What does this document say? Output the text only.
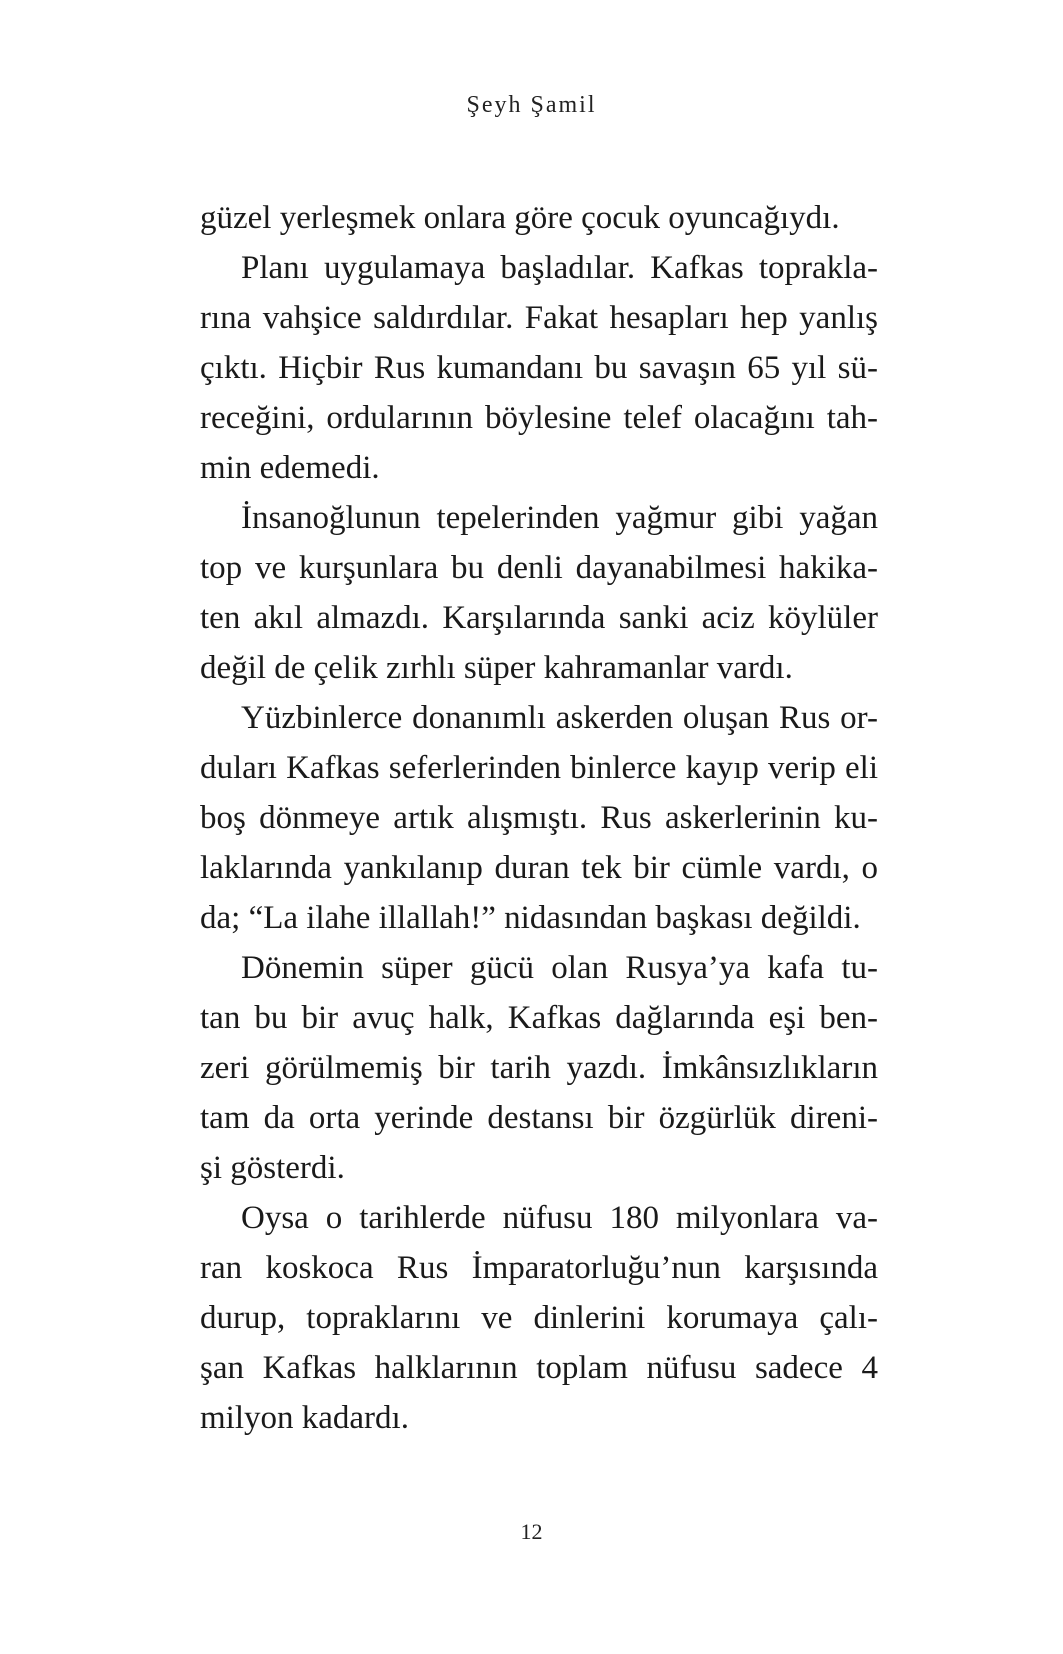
Şeyh Şamil

güzel yerleşmek onlara göre çocuk oyuncağıydı.

Planı uygulamaya başladılar. Kafkas toprakla-
rına vahşice saldırdılar. Fakat hesapları hep yanlış
çıktı. Hiçbir Rus kumandanı bu savaşın 65 yıl sü-
receğini, ordularının böylesine telef olacağını tah-
min edemedi.

İnsanoğlunun tepelerinden yağmur gibi yağan
top ve kurşunlara bu denli dayanabilmesi hakika-
ten akıl almazdı. Karşılarında sanki aciz köylüler
değil de çelik zırhlı süper kahramanlar vardı.

Yüzbinlerce donanımlı askerden oluşan Rus or-
duları Kafkas seferlerinden binlerce kayıp verip eli
boş dönmeye artık alışmıştı. Rus askerlerinin ku-
laklarında yankılanıp duran tek bir cümle vardı, o
da; “La ilahe illallah!” nidasından başkası değildi.

Dönemin süper gücü olan Rusya’ya kafa tu-
tan bu bir avuç halk, Kafkas dağlarında eşi ben-
zeri görülmemiş bir tarih yazdı. İmkânsızlıkların
tam da orta yerinde destansı bir özgürlük direni-
şi gösterdi.

Oysa o tarihlerde nüfusu 180 milyonlara va-
ran koskoca Rus İmparatorluğu’nun karşısında
durup, topraklarını ve dinlerini korumaya çalı-
şan Kafkas halklarının toplam nüfusu sadece 4
milyon kadardı.

12
